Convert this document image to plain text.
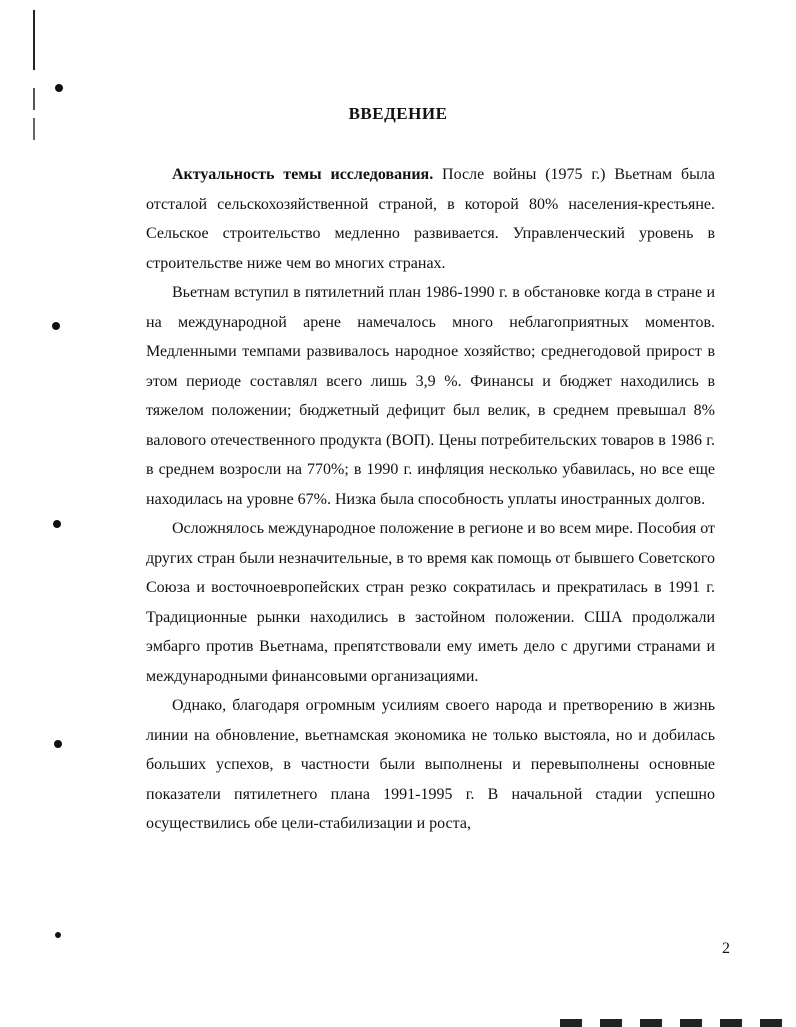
ВВЕДЕНИЕ

Актуальность темы исследования. После войны (1975 г.) Вьетнам была отсталой сельскохозяйственной страной, в которой 80% населения-крестьяне. Сельское строительство медленно развивается. Управленческий уровень в строительстве ниже чем во многих странах.

Вьетнам вступил в пятилетний план 1986-1990 г. в обстановке когда в стране и на международной арене намечалось много неблагоприятных моментов. Медленными темпами развивалось народное хозяйство; среднегодовой прирост в этом периоде составлял всего лишь 3,9 %. Финансы и бюджет находились в тяжелом положении; бюджетный дефицит был велик, в среднем превышал 8% валового отечественного продукта (ВОП). Цены потребительских товаров в 1986 г. в среднем возросли на 770%; в 1990 г. инфляция несколько убавилась, но все еще находилась на уровне 67%. Низка была способность уплаты иностранных долгов.

Осложнялось международное положение в регионе и во всем мире. Пособия от других стран были незначительные, в то время как помощь от бывшего Советского Союза и восточноевропейских стран резко сократилась и прекратилась в 1991 г. Традиционные рынки находились в застойном положении. США продолжали эмбарго против Вьетнама, препятствовали ему иметь дело с другими странами и международными финансовыми организациями.

Однако, благодаря огромным усилиям своего народа и претворению в жизнь линии на обновление, вьетнамская экономика не только выстояла, но и добилась больших успехов, в частности были выполнены и перевыполнены основные показатели пятилетнего плана 1991-1995 г. В начальной стадии успешно осуществились обе цели-стабилизации и роста,

2
